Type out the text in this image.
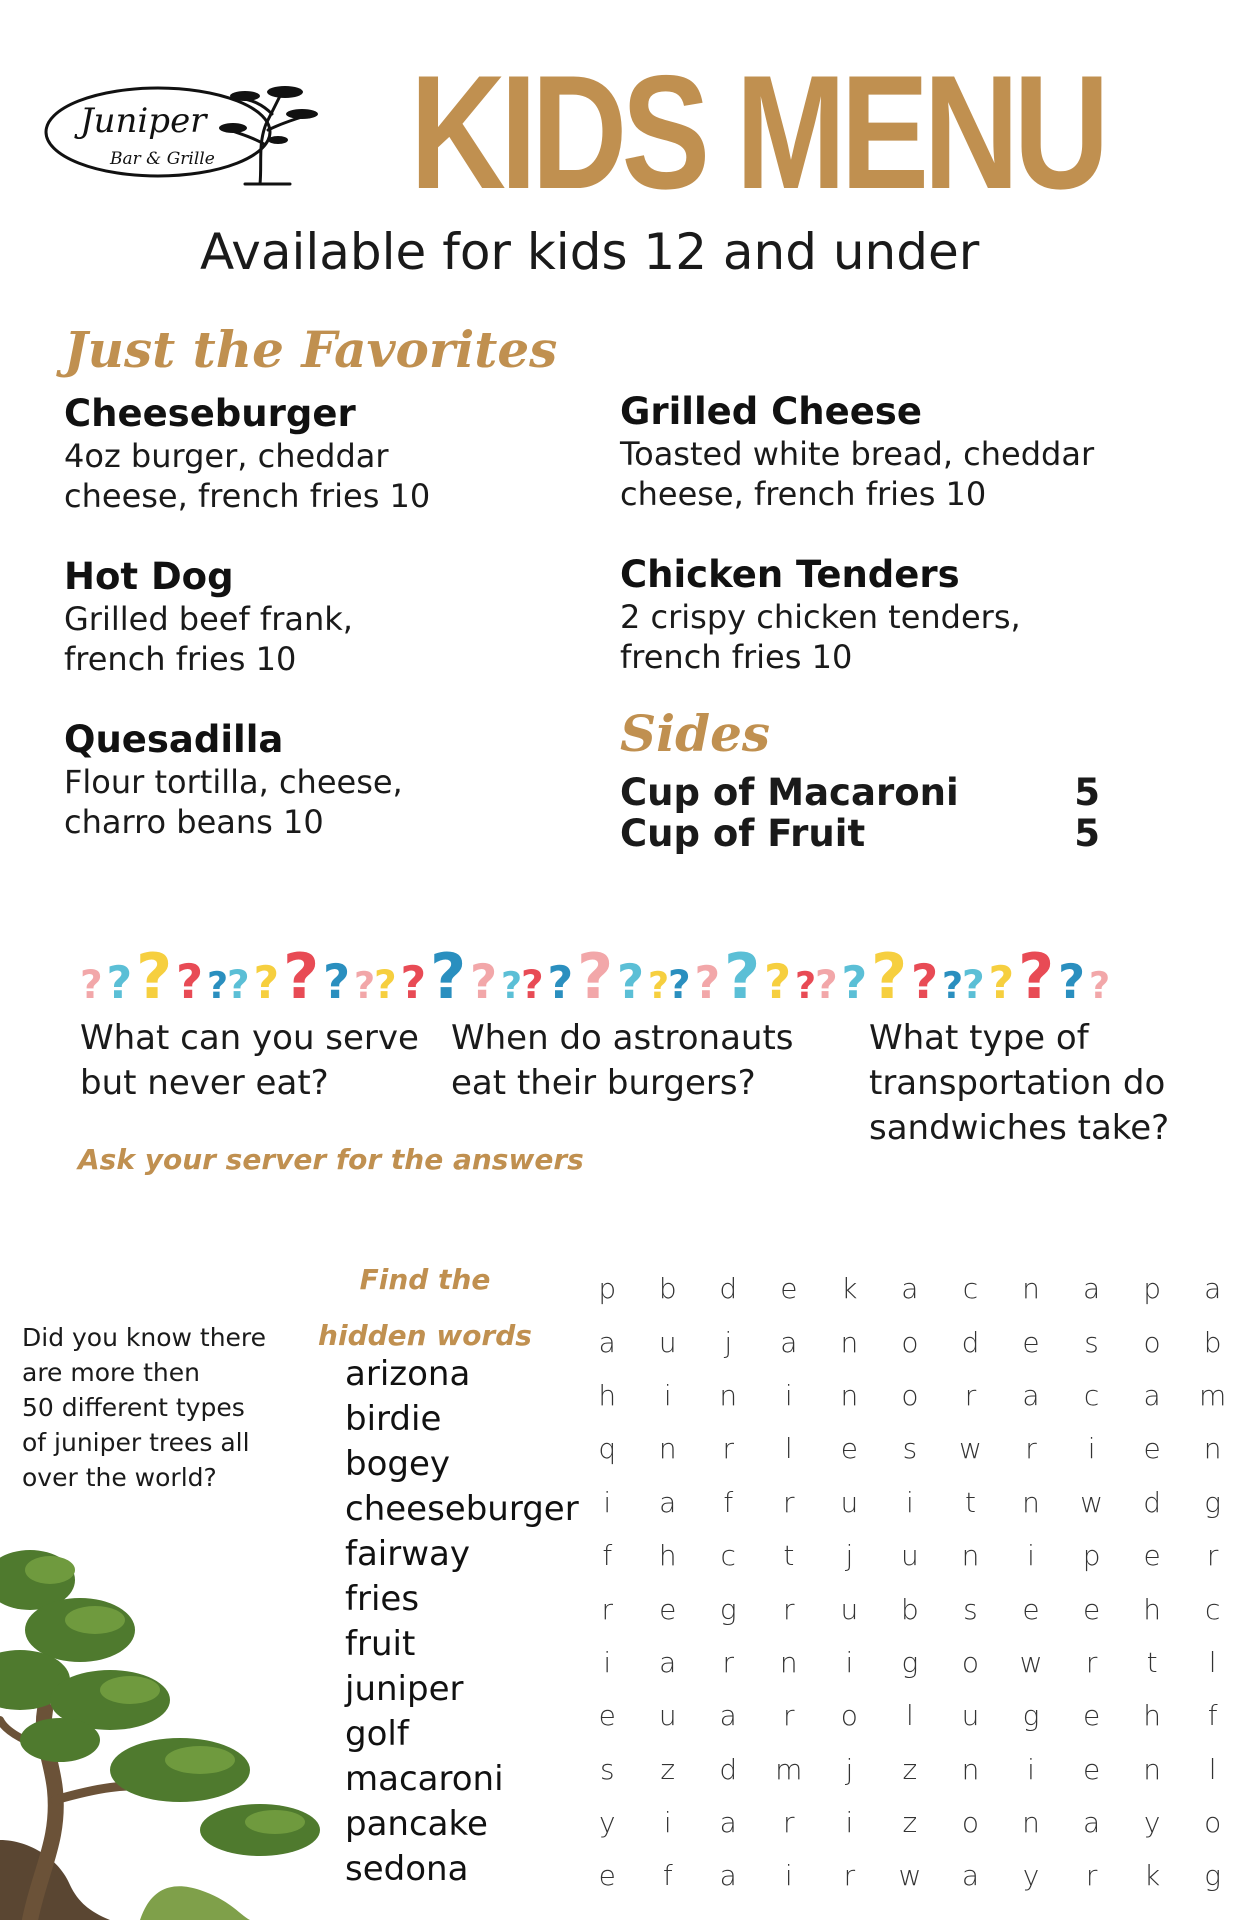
Juniper
Bar & Grille KIDS MENU
Available for kids 12 and under
Just the Favorites
Cheeseburger
4oz burger, cheddar
cheese, french fries 10
Grilled Cheese
Toasted white bread, cheddar
cheese, french fries 10
Hot Dog
Grilled beef frank,
french fries 10
Chicken Tenders
2 crispy chicken tenders,
french fries 10
Quesadilla
Flour tortilla, cheese,
charro beans 10
Sides
Cup of Macaroni	5
Cup of Fruit	5
? ? ? ? ?
? ? ? ? ?
? ? ? ? ?
? ? ? ? ?
? ? ? ? ?
? ? ? ? ?
? ? ? ? ?
What can you serve
but never eat?
When do astronauts
eat their burgers?
What type of
transportation do
sandwiches take?
Ask your server for the answers
Find the
hidden words
Did you know there
are more then
50 different types
of juniper trees all
over the world?
arizona
birdie
bogey
cheeseburger
fairway
fries
fruit
juniper
golf
macaroni
pancake
sedona
p	b	d	e	k	a	c	n	a	p	a
a	u	j	a	n	o	d	e	s	o	b
h	i	n	i	n	o	r	a	c	a	m
q	n	r	l	e	s	w	r	i	e	n
i	a	f	r	u	i	t	n	w	d	g
f	h	c	t	j	u	n	i	p	e	r
r	e	g	r	u	b	s	e	e	h	c
i	a	r	n	i	g	o	w	r	t	l
e	u	a	r	o	l	u	g	e	h	f
s	z	d	m	j	z	n	i	e	n	l
y	i	a	r	i	z	o	n	a	y	o
e	f	a	i	r	w	a	y	r	k	g
